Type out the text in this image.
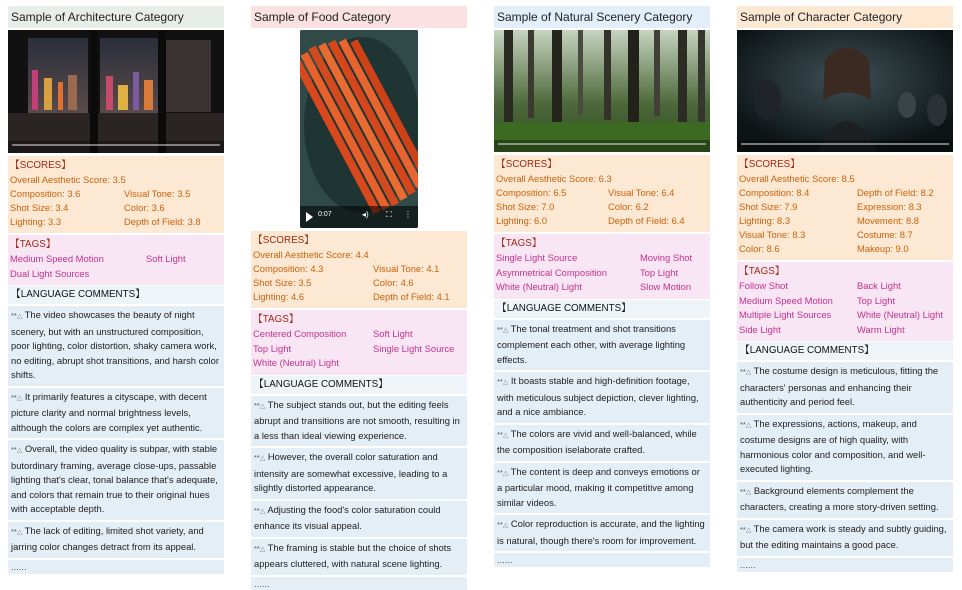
Sample of Architecture Category
【SCORES】
Overall Aesthetic Score: 3.5
Composition: 3.6	Visual Tone: 3.5
Shot Size: 3.4	Color: 3.6
Lighting: 3.3	Depth of Field: 3.8
【TAGS】
Medium Speed Motion	Soft Light
Dual Light Sources
【LANGUAGE COMMENTS】
**△ The video showcases the beauty of night scenery, but with an unstructured composition, poor lighting, color distortion, shaky camera work, no editing, abrupt shot transitions, and harsh color shifts.
**△ It primarily features a cityscape, with decent picture clarity and normal brightness levels, although the colors are complex yet authentic.
**△ Overall, the video quality is subpar, with stable butordinary framing, average close-ups, passable lighting that's clear, tonal balance that's adequate, and colors that remain true to their original hues with acceptable depth.
**△ The lack of editing, limited shot variety, and jarring color changes detract from its appeal.
......
Sample of Food Category
0:07	◂) ⛶ ⋮
【SCORES】
Overall Aesthetic Score: 4.4
Composition: 4.3	Visual Tone: 4.1
Shot Size: 3.5	Color: 4.6
Lighting: 4.6	Depth of Field: 4.1
【TAGS】
Centered Composition	Soft Light
Top Light	Single Light Source
White (Neutral) Light
【LANGUAGE COMMENTS】
**△ The subject stands out, but the editing feels abrupt and transitions are not smooth, resulting in a less than ideal viewing experience.
**△ However, the overall color saturation and intensity are somewhat excessive, leading to a slightly distorted appearance.
**△ Adjusting the food's color saturation could enhance its visual appeal.
**△ The framing is stable but the choice of shots appears cluttered, with natural scene lighting.
......
Sample of Natural Scenery Category
【SCORES】
Overall Aesthetic Score: 6.3
Composition: 6.5	Visual Tone: 6.4
Shot Size: 7.0	Color: 6.2
Lighting: 6.0	Depth of Field: 6.4
【TAGS】
Single Light Source	Moving Shot
Asymmetrical Composition	Top Light
White (Neutral) Light	Slow Motion
【LANGUAGE COMMENTS】
**△ The tonal treatment and shot transitions complement each other, with average lighting effects.
**△ It boasts stable and high-definition footage, with meticulous subject depiction, clever lighting, and a nice ambiance.
**△ The colors are vivid and well-balanced, while the composition iselaborate crafted.
**△ The content is deep and conveys emotions or a particular mood, making it competitive among similar videos.
**△ Color reproduction is accurate, and the lighting is natural, though there's room for improvement.
......
Sample of Character Category
【SCORES】
Overall Aesthetic Score: 8.5
Composition: 8.4	Depth of Field: 8.2
Shot Size: 7.9	Expression: 8.3
Lighting: 8.3	Movement: 8.8
Visual Tone: 8.3	Costume: 8.7
Color: 8.6	Makeup: 9.0
【TAGS】
Follow Shot	Back Light
Medium Speed Motion	Top Light
Multiple Light Sources	White (Neutral) Light
Side Light	Warm Light
【LANGUAGE COMMENTS】
**△ The costume design is meticulous, fitting the characters' personas and enhancing their authenticity and period feel.
**△ The expressions, actions, makeup, and costume designs are of high quality, with harmonious color and composition, and well-executed lighting.
**△ Background elements complement the characters, creating a more story-driven setting.
**△ The camera work is steady and subtly guiding, but the editing maintains a good pace.
......
